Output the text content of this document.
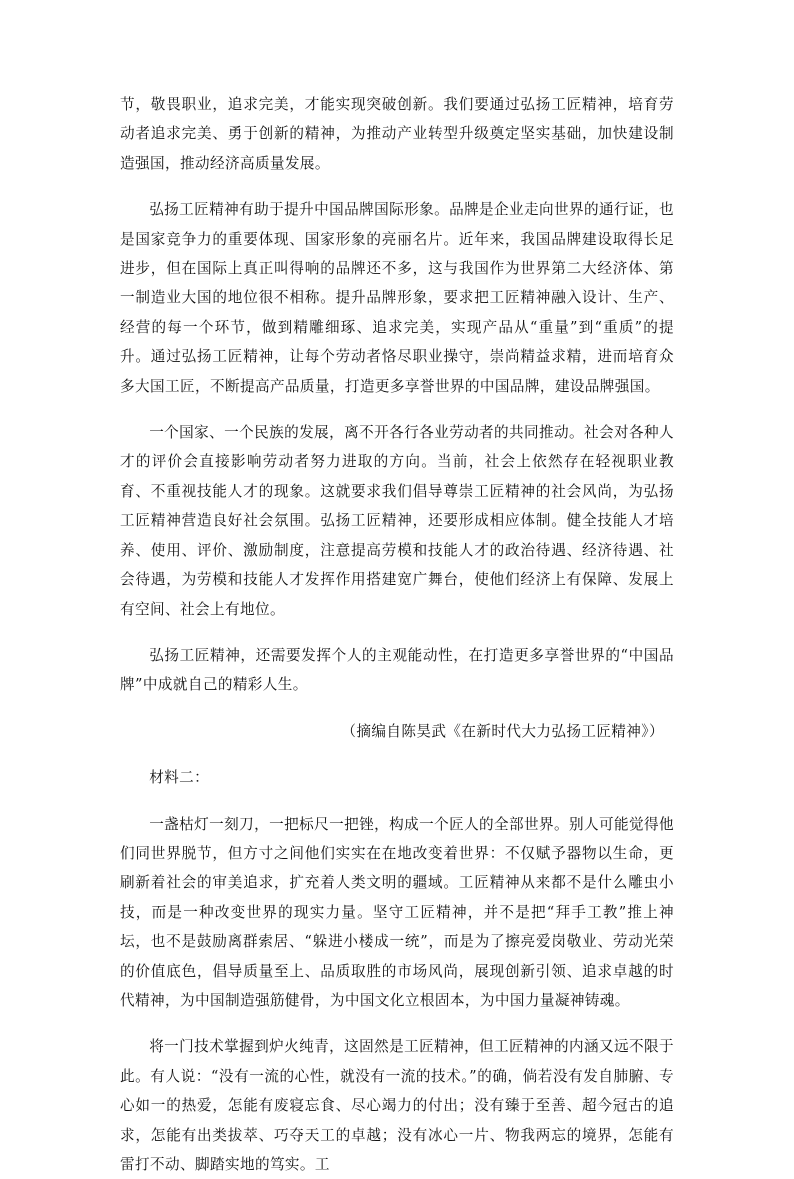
节，敬畏职业，追求完美，才能实现突破创新。我们要通过弘扬工匠精神，培育劳动者追求完美、勇于创新的精神，为推动产业转型升级奠定坚实基础，加快建设制造强国，推动经济高质量发展。

弘扬工匠精神有助于提升中国品牌国际形象。品牌是企业走向世界的通行证，也是国家竞争力的重要体现、国家形象的亮丽名片。近年来，我国品牌建设取得长足进步，但在国际上真正叫得响的品牌还不多，这与我国作为世界第二大经济体、第一制造业大国的地位很不相称。提升品牌形象，要求把工匠精神融入设计、生产、经营的每一个环节，做到精雕细琢、追求完美，实现产品从“重量”到“重质”的提升。通过弘扬工匠精神，让每个劳动者恪尽职业操守，崇尚精益求精，进而培育众多大国工匠，不断提高产品质量，打造更多享誉世界的中国品牌，建设品牌强国。

一个国家、一个民族的发展，离不开各行各业劳动者的共同推动。社会对各种人才的评价会直接影响劳动者努力进取的方向。当前，社会上依然存在轻视职业教育、不重视技能人才的现象。这就要求我们倡导尊崇工匠精神的社会风尚，为弘扬工匠精神营造良好社会氛围。弘扬工匠精神，还要形成相应体制。健全技能人才培养、使用、评价、激励制度，注意提高劳模和技能人才的政治待遇、经济待遇、社会待遇，为劳模和技能人才发挥作用搭建宽广舞台，使他们经济上有保障、发展上有空间、社会上有地位。

弘扬工匠精神，还需要发挥个人的主观能动性，在打造更多享誉世界的“中国品牌”中成就自己的精彩人生。

（摘编自陈昊武《在新时代大力弘扬工匠精神》）

材料二：

一盏枯灯一刻刀，一把标尺一把锉，构成一个匠人的全部世界。别人可能觉得他们同世界脱节，但方寸之间他们实实在在地改变着世界：不仅赋予器物以生命，更刷新着社会的审美追求，扩充着人类文明的疆域。工匠精神从来都不是什么雕虫小技，而是一种改变世界的现实力量。坚守工匠精神，并不是把“拜手工教”推上神坛，也不是鼓励离群索居、“躲进小楼成一统”，而是为了擦亮爱岗敬业、劳动光荣的价值底色，倡导质量至上、品质取胜的市场风尚，展现创新引领、追求卓越的时代精神，为中国制造强筋健骨，为中国文化立根固本，为中国力量凝神铸魂。

将一门技术掌握到炉火纯青，这固然是工匠精神，但工匠精神的内涵又远不限于此。有人说：“没有一流的心性，就没有一流的技术。”的确，倘若没有发自肺腑、专心如一的热爱，怎能有废寝忘食、尽心竭力的付出；没有臻于至善、超今冠古的追求，怎能有出类拔萃、巧夺天工的卓越；没有冰心一片、物我两忘的境界，怎能有雷打不动、脚踏实地的笃实。工
